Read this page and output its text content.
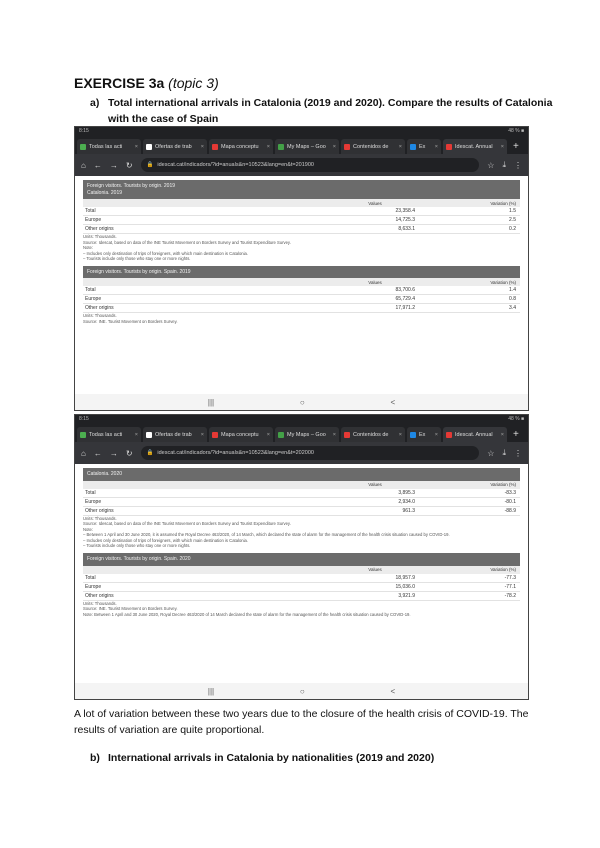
EXERCISE 3a (topic 3)
a) Total international arrivals in Catalonia (2019 and 2020). Compare the results of Catalonia
with the case of Spain
8:15	48 % ■
Todas las acti	×	Ofertas de trab	×	Mapa conceptu	×	My Maps – Goo	×	Contenidos de	×	Ex	×	Idescat. Annual	× +
⌂ ← → ↻	🔒 idescat.cat/indicadors/?id=anuals&n=10523&lang=en&t=201900	☆ ⤓ ⋮
Foreign visitors. Tourists by origin. 2019
Catalonia. 2019
Values	Variation (%)
Total	23,358.4	1.5
Europe	14,725.3	2.5
Other origins	8,633.1	0.2
Units: Thousands.
Source: Idescat, based on data of the INE Tourist Movement on Borders Survey and Tourist Expenditure Survey.
Note:
– Includes only destination of trips of foreigners, with which main destination is Catalonia.
– Tourists include only those who stay one or more nights.
Foreign visitors. Tourists by origin. Spain. 2019
Values	Variation (%)
Total	83,700.6	1.4
Europe	65,729.4	0.8
Other origins	17,971.2	3.4
Units: Thousands.
Source: INE. Tourist Movement on Borders Survey.
|||	○	<
8:15	48 % ■
Todas las acti	×	Ofertas de trab	×	Mapa conceptu	×	My Maps – Goo	×	Contenidos de	×	Ex	×	Idescat. Annual	× +
⌂ ← → ↻	🔒 idescat.cat/indicadors/?id=anuals&n=10523&lang=en&t=202000	☆ ⤓ ⋮
Catalonia. 2020
Values	Variation (%)
Total	3,895.3	-83.3
Europe	2,934.0	-80.1
Other origins	961.3	-88.9
Units: Thousands.
Source: Idescat, based on data of the INE Tourist Movement on Borders Survey and Tourist Expenditure Survey.
Note:
– Between 1 April and 30 June 2020, it is assumed the Royal Decree 463/2020, of 14 March, which declared the state of alarm for the management of the health crisis situation caused by COVID-19.
– Includes only destination of trips of foreigners, with which main destination is Catalonia.
– Tourists include only those who stay one or more nights.
Foreign visitors. Tourists by origin. Spain. 2020
Values	Variation (%)
Total	18,957.9	-77.3
Europe	15,036.0	-77.1
Other origins	3,921.9	-78.2
Units: Thousands.
Source: INE. Tourist Movement on Borders Survey.
Note: Between 1 April and 30 June 2020, Royal Decree 463/2020 of 14 March declared the state of alarm for the management of the health crisis situation caused by COVID-19.
|||	○	<
A lot of variation between these two years due to the closure of the health crisis of COVID-19. The results of variation are quite proportional.
b) International arrivals in Catalonia by nationalities (2019 and 2020)
